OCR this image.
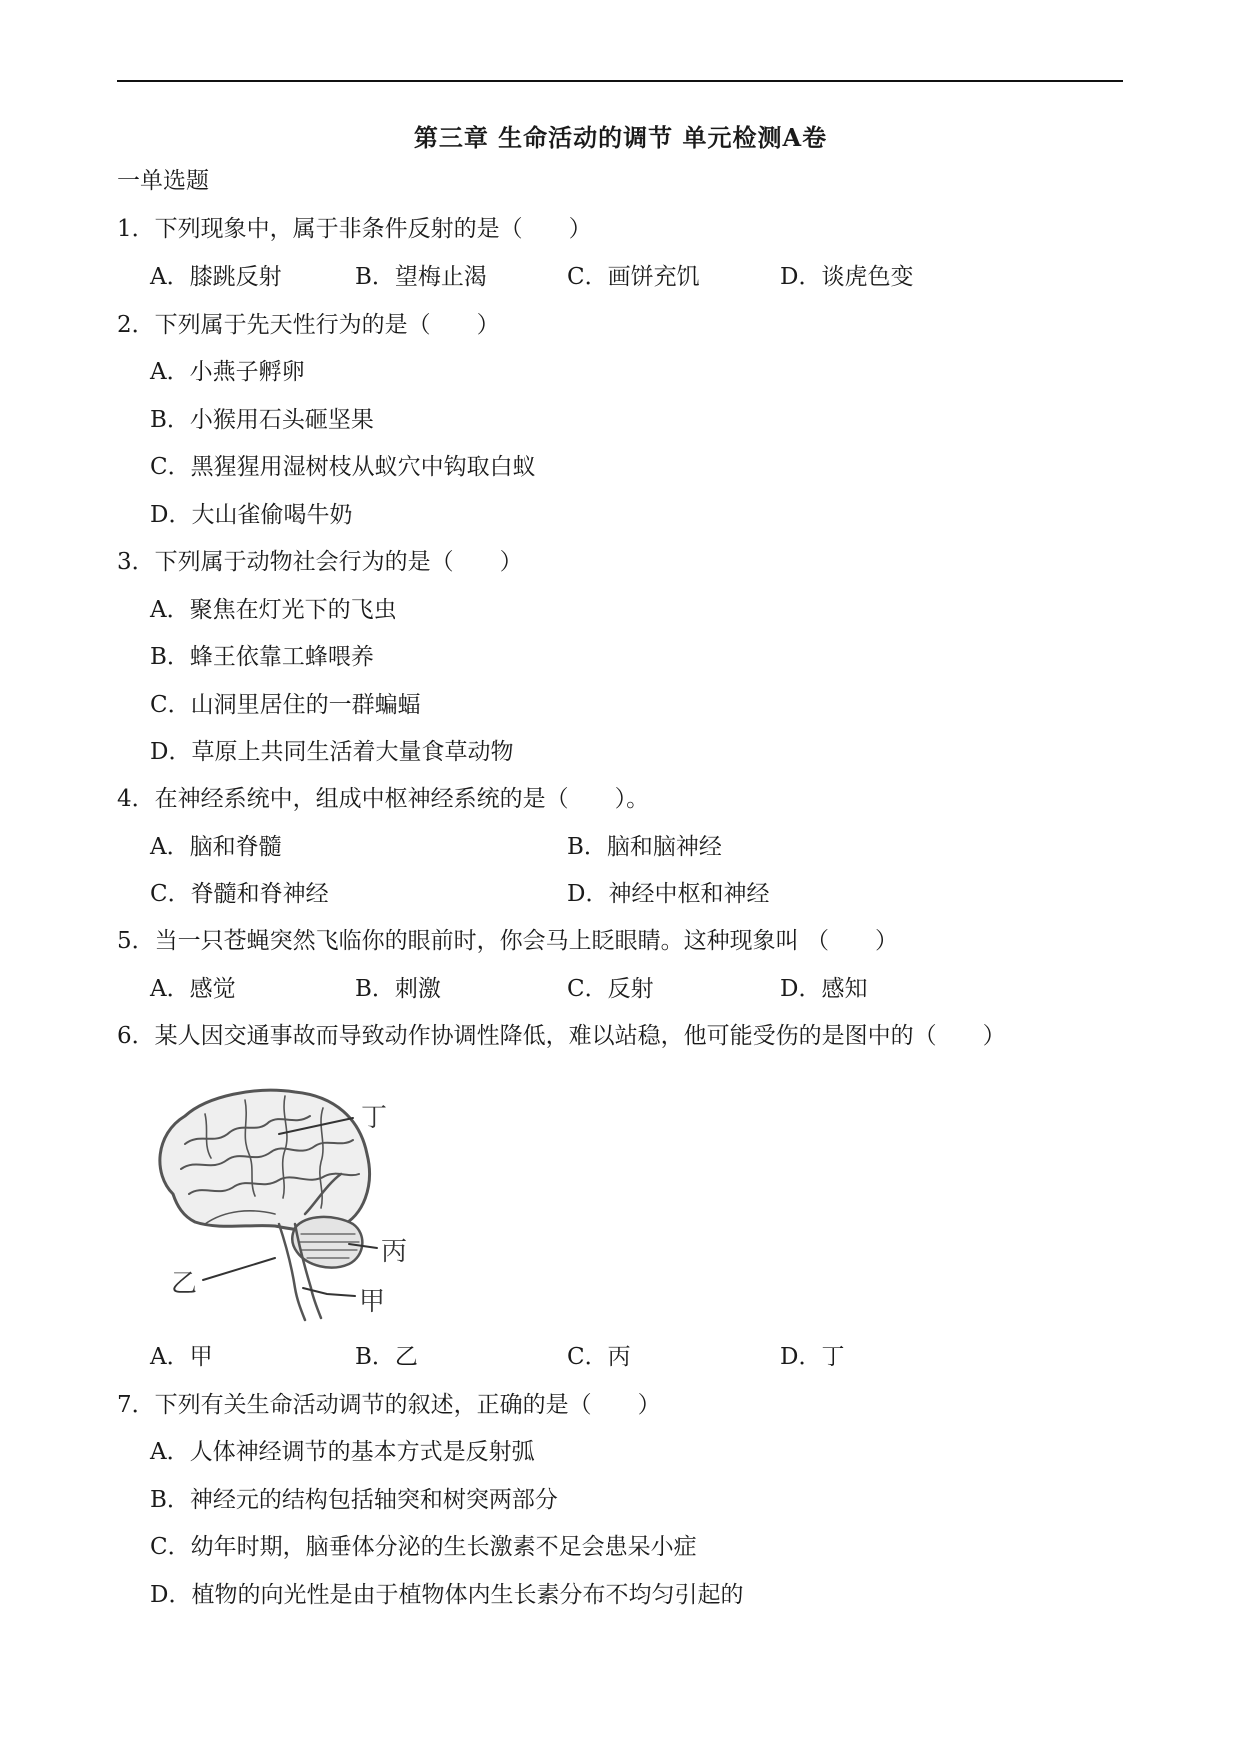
第三章 生命活动的调节 单元检测A卷
一单选题
1．下列现象中，属于非条件反射的是（　　）
A．膝跳反射	B．望梅止渴	C．画饼充饥	D．谈虎色变
2．下列属于先天性行为的是（　　）
A．小燕子孵卵
B．小猴用石头砸坚果
C．黑猩猩用湿树枝从蚁穴中钩取白蚁
D．大山雀偷喝牛奶
3．下列属于动物社会行为的是（　　）
A．聚焦在灯光下的飞虫
B．蜂王依靠工蜂喂养
C．山洞里居住的一群蝙蝠
D．草原上共同生活着大量食草动物
4．在神经系统中，组成中枢神经系统的是（　　）。
A．脑和脊髓	B．脑和脑神经
C．脊髓和脊神经	D．神经中枢和神经
5．当一只苍蝇突然飞临你的眼前时，你会马上眨眼睛。这种现象叫 （　　）
A．感觉	B．刺激	C．反射	D．感知
6．某人因交通事故而导致动作协调性降低，难以站稳，他可能受伤的是图中的（　　）
丁
丙
乙
甲
A．甲	B．乙	C．丙	D．丁
7．下列有关生命活动调节的叙述，正确的是（　　）
A．人体神经调节的基本方式是反射弧
B．神经元的结构包括轴突和树突两部分
C．幼年时期，脑垂体分泌的生长激素不足会患呆小症
D．植物的向光性是由于植物体内生长素分布不均匀引起的
